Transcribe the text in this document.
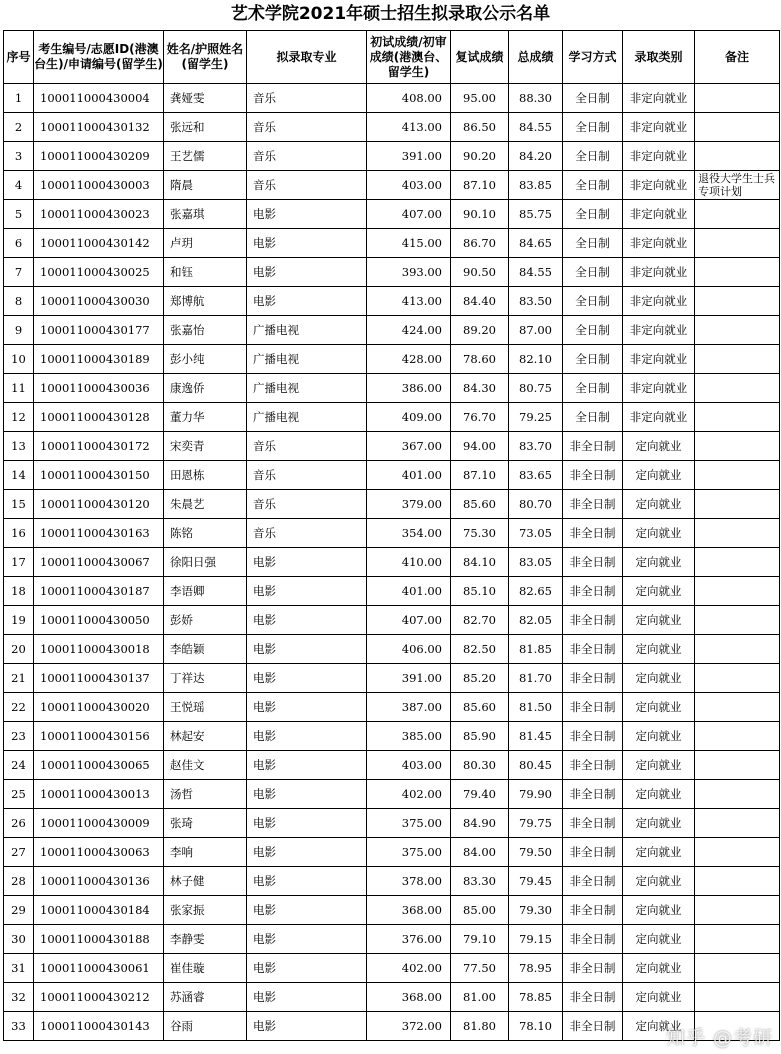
艺术学院2021年硕士招生拟录取公示名单
序号	考生编号/志愿ID(港澳台生)/申请编号(留学生)	姓名/护照姓名(留学生)	拟录取专业	初试成绩/初审成绩(港澳台、留学生)	复试成绩	总成绩	学习方式	录取类别	备注
1	100011000430004	龚娅雯	音乐	408.00	95.00	88.30	全日制	非定向就业	
2	100011000430132	张远和	音乐	413.00	86.50	84.55	全日制	非定向就业	
3	100011000430209	王艺儒	音乐	391.00	90.20	84.20	全日制	非定向就业	
4	100011000430003	隋晨	音乐	403.00	87.10	83.85	全日制	非定向就业	退役大学生士兵专项计划
5	100011000430023	张嘉琪	电影	407.00	90.10	85.75	全日制	非定向就业	
6	100011000430142	卢玥	电影	415.00	86.70	84.65	全日制	非定向就业	
7	100011000430025	和钰	电影	393.00	90.50	84.55	全日制	非定向就业	
8	100011000430030	郑博航	电影	413.00	84.40	83.50	全日制	非定向就业	
9	100011000430177	张嘉怡	广播电视	424.00	89.20	87.00	全日制	非定向就业	
10	100011000430189	彭小纯	广播电视	428.00	78.60	82.10	全日制	非定向就业	
11	100011000430036	康逸侨	广播电视	386.00	84.30	80.75	全日制	非定向就业	
12	100011000430128	董力华	广播电视	409.00	76.70	79.25	全日制	非定向就业	
13	100011000430172	宋奕青	音乐	367.00	94.00	83.70	非全日制	定向就业	
14	100011000430150	田恩栋	音乐	401.00	87.10	83.65	非全日制	定向就业	
15	100011000430120	朱晨艺	音乐	379.00	85.60	80.70	非全日制	定向就业	
16	100011000430163	陈铭	音乐	354.00	75.30	73.05	非全日制	定向就业	
17	100011000430067	徐阳日强	电影	410.00	84.10	83.05	非全日制	定向就业	
18	100011000430187	李语卿	电影	401.00	85.10	82.65	非全日制	定向就业	
19	100011000430050	彭娇	电影	407.00	82.70	82.05	非全日制	定向就业	
20	100011000430018	李皓颖	电影	406.00	82.50	81.85	非全日制	定向就业	
21	100011000430137	丁祥达	电影	391.00	85.20	81.70	非全日制	定向就业	
22	100011000430020	王悦瑶	电影	387.00	85.60	81.50	非全日制	定向就业	
23	100011000430156	林起安	电影	385.00	85.90	81.45	非全日制	定向就业	
24	100011000430065	赵佳文	电影	403.00	80.30	80.45	非全日制	定向就业	
25	100011000430013	汤哲	电影	402.00	79.40	79.90	非全日制	定向就业	
26	100011000430009	张琦	电影	375.00	84.90	79.75	非全日制	定向就业	
27	100011000430063	李响	电影	375.00	84.00	79.50	非全日制	定向就业	
28	100011000430136	林子健	电影	378.00	83.30	79.45	非全日制	定向就业	
29	100011000430184	张家振	电影	368.00	85.00	79.30	非全日制	定向就业	
30	100011000430188	李静雯	电影	376.00	79.10	79.15	非全日制	定向就业	
31	100011000430061	崔佳璇	电影	402.00	77.50	78.95	非全日制	定向就业	
32	100011000430212	苏涵睿	电影	368.00	81.00	78.85	非全日制	定向就业	
33	100011000430143	谷雨	电影	372.00	81.80	78.10	非全日制	定向就业	
知乎 @考研
